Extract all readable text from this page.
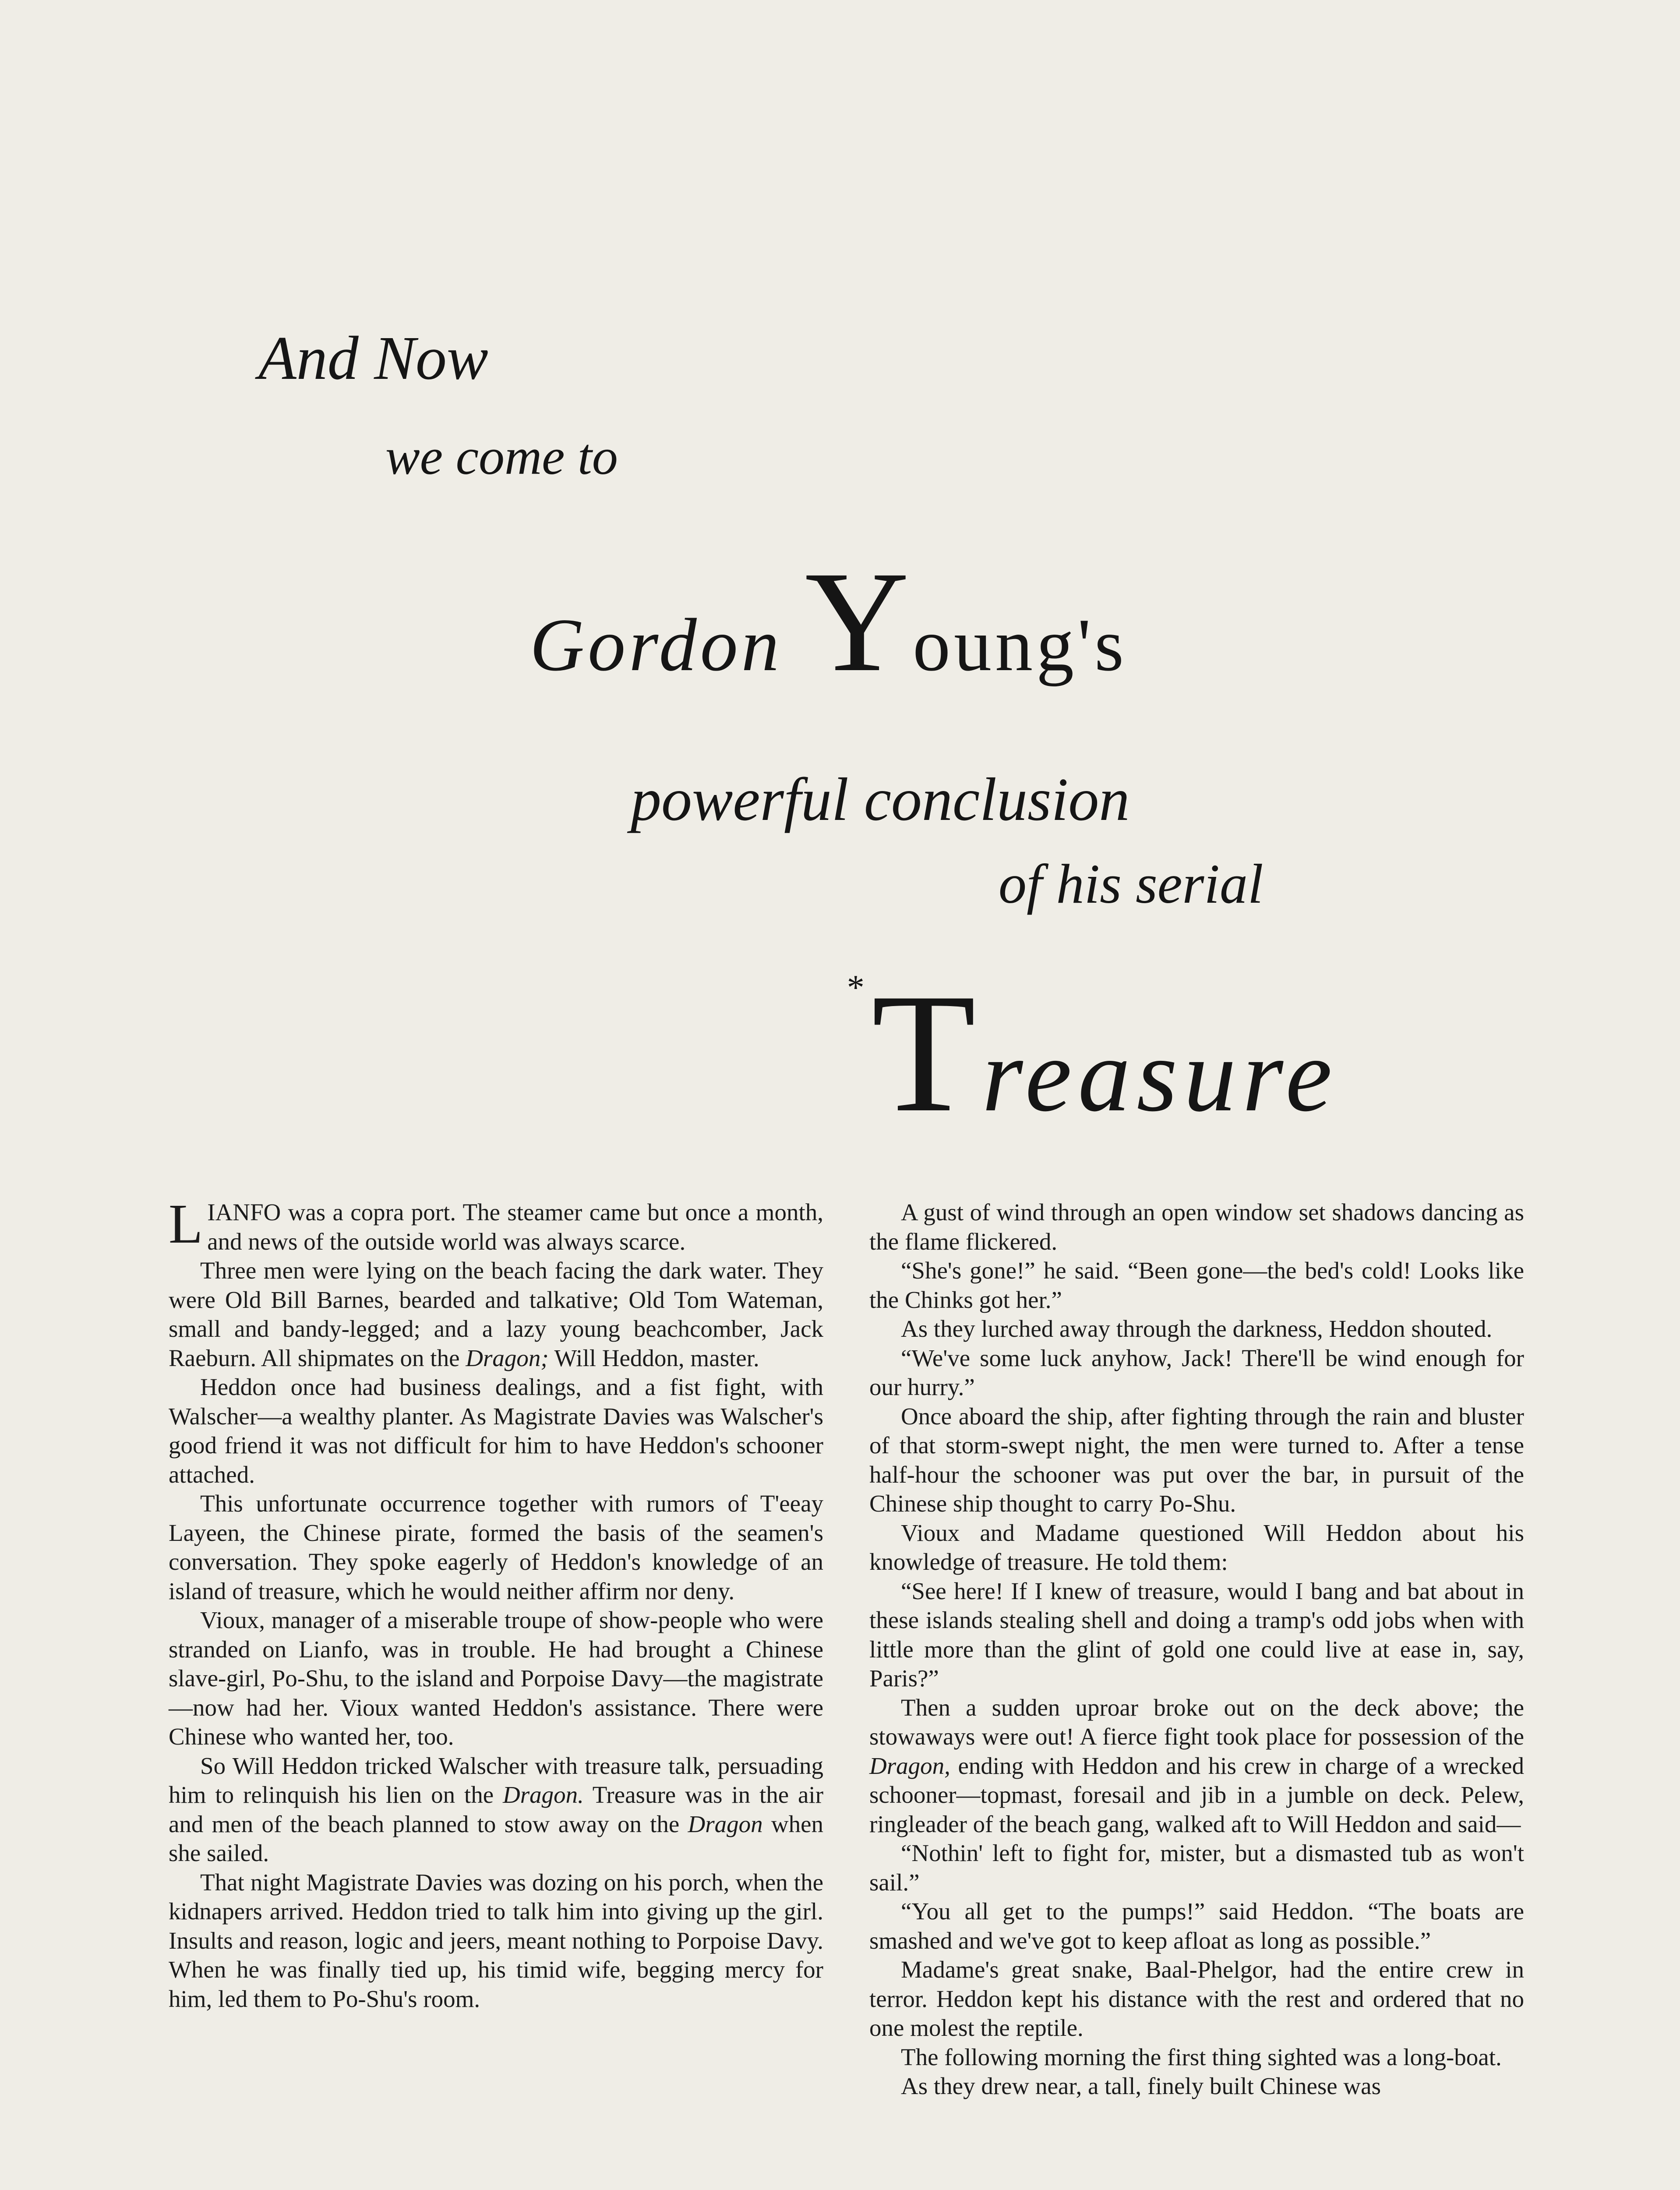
And Now
we come to
Gordon Young's
powerful conclusion
of his serial
*Treasure

LIANFO was a copra port. The steamer came but once a month, and news of the outside world was always scarce.

Three men were lying on the beach facing the dark water. They were Old Bill Barnes, bearded and talkative; Old Tom Wateman, small and bandy-legged; and a lazy young beachcomber, Jack Raeburn. All shipmates on the Dragon; Will Heddon, master.

Heddon once had business dealings, and a fist fight, with Walscher—a wealthy planter. As Magistrate Davies was Walscher's good friend it was not difficult for him to have Heddon's schooner attached.

This unfortunate occurrence together with rumors of T'eeay Layeen, the Chinese pirate, formed the basis of the seamen's conversation. They spoke eagerly of Heddon's knowledge of an island of treasure, which he would neither affirm nor deny.

Vioux, manager of a miserable troupe of show-people who were stranded on Lianfo, was in trouble. He had brought a Chinese slave-girl, Po-Shu, to the island and Porpoise Davy—the magistrate—now had her. Vioux wanted Heddon's assistance. There were Chinese who wanted her, too.

So Will Heddon tricked Walscher with treasure talk, persuading him to relinquish his lien on the Dragon. Treasure was in the air and men of the beach planned to stow away on the Dragon when she sailed.

That night Magistrate Davies was dozing on his porch, when the kidnapers arrived. Heddon tried to talk him into giving up the girl. Insults and reason, logic and jeers, meant nothing to Porpoise Davy. When he was finally tied up, his timid wife, begging mercy for him, led them to Po-Shu's room.

A gust of wind through an open window set shadows dancing as the flame flickered.

“She's gone!” he said. “Been gone—the bed's cold! Looks like the Chinks got her.”

As they lurched away through the darkness, Heddon shouted.

“We've some luck anyhow, Jack! There'll be wind enough for our hurry.”

Once aboard the ship, after fighting through the rain and bluster of that storm-swept night, the men were turned to. After a tense half-hour the schooner was put over the bar, in pursuit of the Chinese ship thought to carry Po-Shu.

Vioux and Madame questioned Will Heddon about his knowledge of treasure. He told them:

“See here! If I knew of treasure, would I bang and bat about in these islands stealing shell and doing a tramp's odd jobs when with little more than the glint of gold one could live at ease in, say, Paris?”

Then a sudden uproar broke out on the deck above; the stowaways were out! A fierce fight took place for possession of the Dragon, ending with Heddon and his crew in charge of a wrecked schooner—topmast, foresail and jib in a jumble on deck. Pelew, ringleader of the beach gang, walked aft to Will Heddon and said—

“Nothin' left to fight for, mister, but a dismasted tub as won't sail.”

“You all get to the pumps!” said Heddon. “The boats are smashed and we've got to keep afloat as long as possible.”

Madame's great snake, Baal-Phelgor, had the entire crew in terror. Heddon kept his distance with the rest and ordered that no one molest the reptile.

The following morning the first thing sighted was a long-boat.

As they drew near, a tall, finely built Chinese was
